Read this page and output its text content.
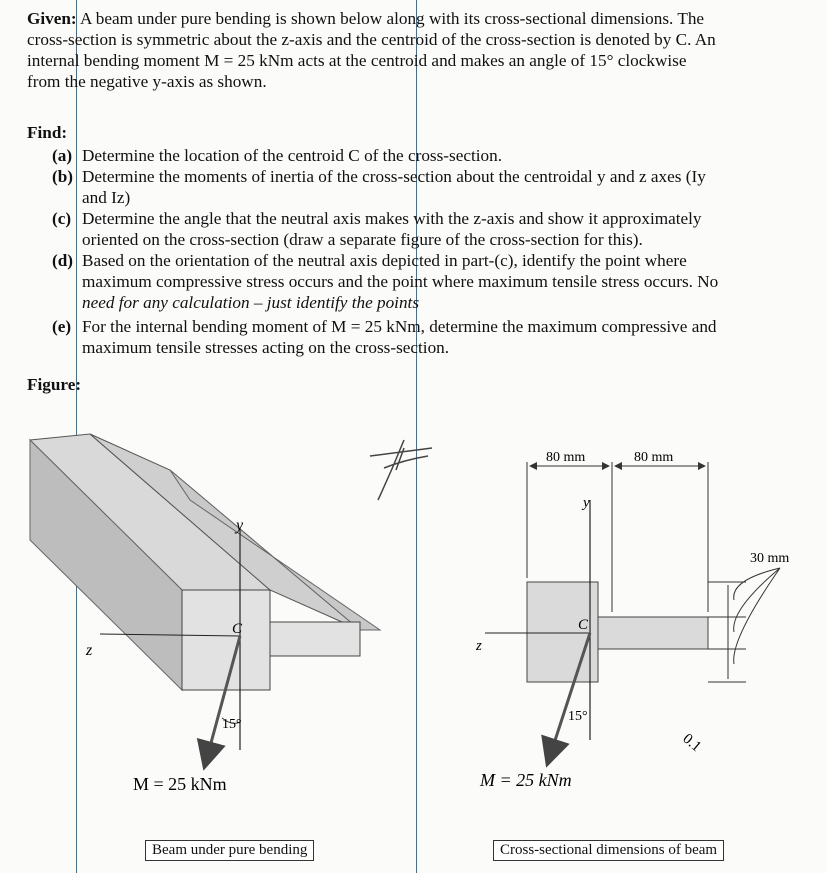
Given: A beam under pure bending is shown below along with its cross-sectional dimensions. The
cross-section is symmetric about the z-axis and the centroid of the cross-section is denoted by C. An
internal bending moment M = 25 kNm acts at the centroid and makes an angle of 15° clockwise
from the negative y-axis as shown.
Find:
(a) Determine the location of the centroid C of the cross-section.
(b) Determine the moments of inertia of the cross-section about the centroidal y and z axes (Iy
and Iz)
(c) Determine the angle that the neutral axis makes with the z-axis and show it approximately
oriented on the cross-section (draw a separate figure of the cross-section for this).
(d) Based on the orientation of the neutral axis depicted in part-(c), identify the point where
maximum compressive stress occurs and the point where maximum tensile stress occurs. No
need for any calculation – just identify the points
(e) For the internal bending moment of M = 25 kNm, determine the maximum compressive and
maximum tensile stresses acting on the cross-section.
Figure:
y
z
C
15°
M = 25 kNm
80 mm	80 mm
30 mm
y
z
C
15°
M = 25 kNm
0.1
Beam under pure bending	Cross-sectional dimensions of beam
